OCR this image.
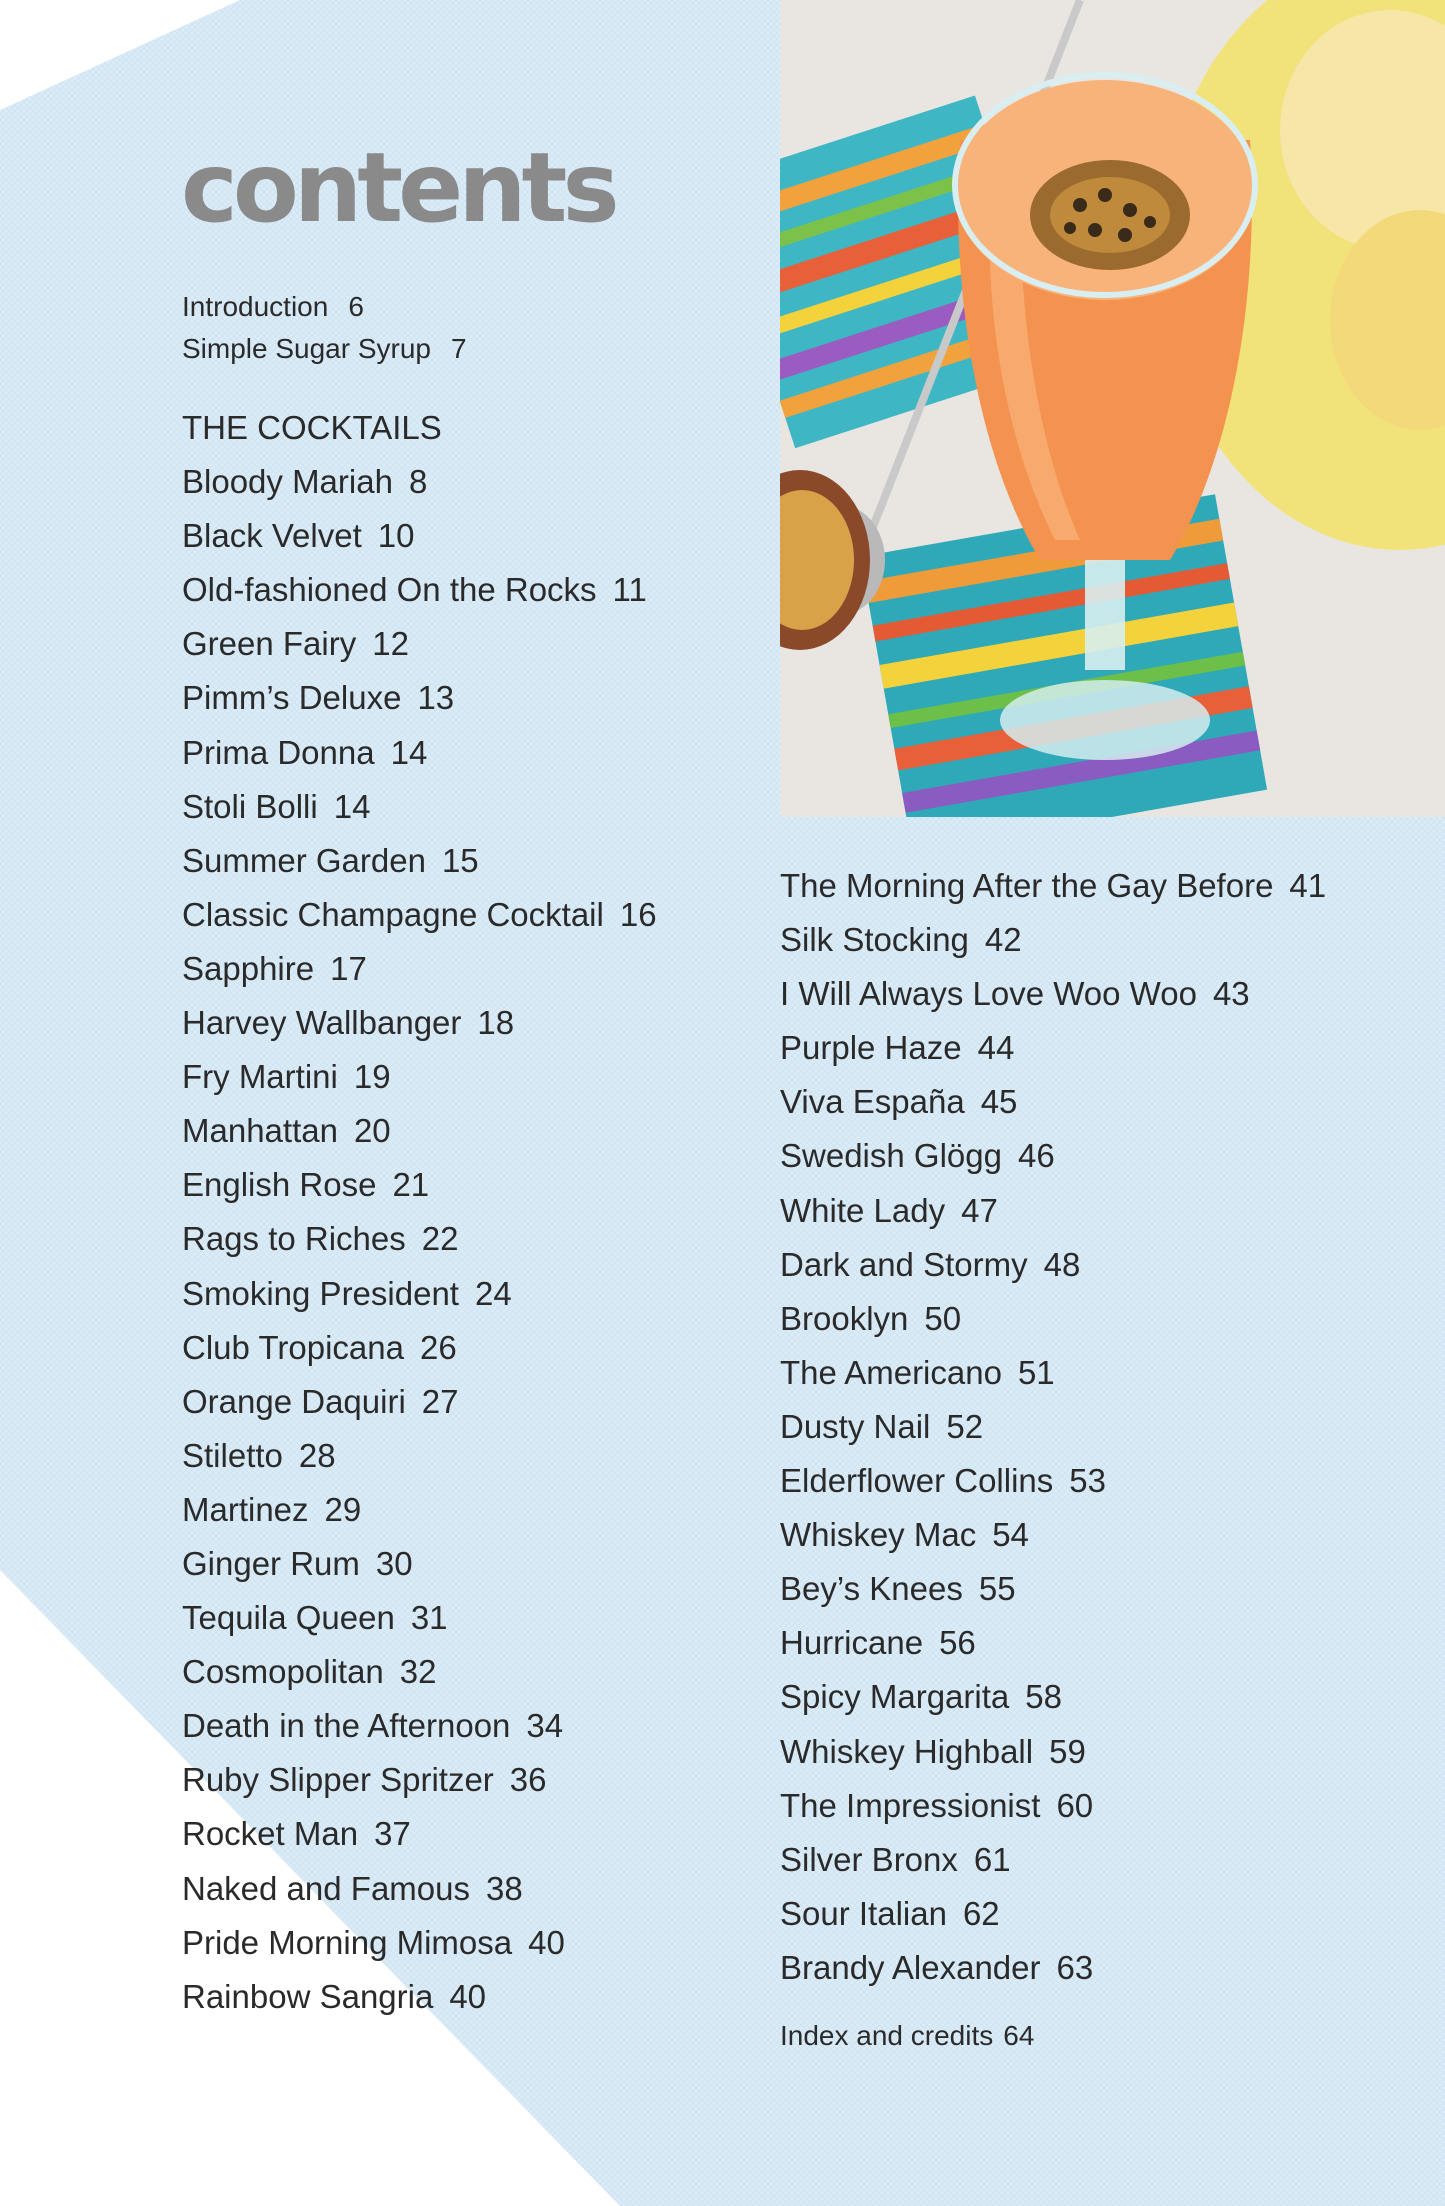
contents
Introduction 6
Simple Sugar Syrup 7
THE COCKTAILS
Bloody Mariah 8
Black Velvet 10
Old-fashioned On the Rocks 11
Green Fairy 12
Pimm’s Deluxe 13
Prima Donna 14
Stoli Bolli 14
Summer Garden 15
Classic Champagne Cocktail 16
Sapphire 17
Harvey Wallbanger 18
Fry Martini 19
Manhattan 20
English Rose 21
Rags to Riches 22
Smoking President 24
Club Tropicana 26
Orange Daquiri 27
Stiletto 28
Martinez 29
Ginger Rum 30
Tequila Queen 31
Cosmopolitan 32
Death in the Afternoon 34
Ruby Slipper Spritzer 36
Rocket Man 37
Naked and Famous 38
Pride Morning Mimosa 40
Rainbow Sangria 40
The Morning After the Gay Before 41
Silk Stocking 42
I Will Always Love Woo Woo 43
Purple Haze 44
Viva España 45
Swedish Glögg 46
White Lady 47
Dark and Stormy 48
Brooklyn 50
The Americano 51
Dusty Nail 52
Elderflower Collins 53
Whiskey Mac 54
Bey’s Knees 55
Hurricane 56
Spicy Margarita 58
Whiskey Highball 59
The Impressionist 60
Silver Bronx 61
Sour Italian 62
Brandy Alexander 63
Index and credits 64
